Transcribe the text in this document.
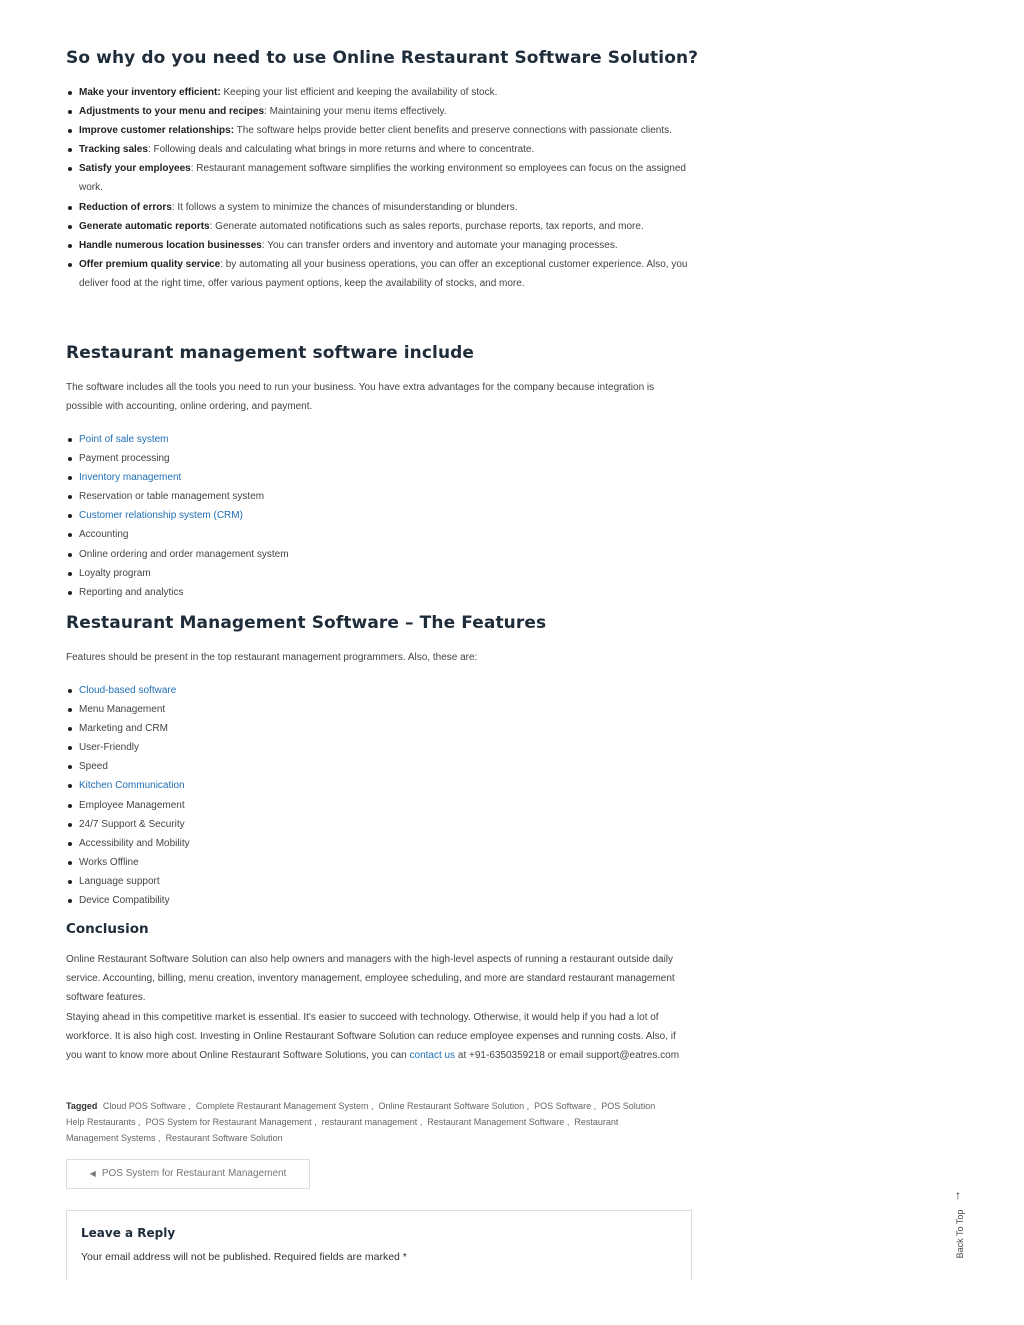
So why do you need to use Online Restaurant Software Solution?
Make your inventory efficient: Keeping your list efficient and keeping the availability of stock.
Adjustments to your menu and recipes: Maintaining your menu items effectively.
Improve customer relationships: The software helps provide better client benefits and preserve connections with passionate clients.
Tracking sales: Following deals and calculating what brings in more returns and where to concentrate.
Satisfy your employees: Restaurant management software simplifies the working environment so employees can focus on the assigned work.
Reduction of errors: It follows a system to minimize the chances of misunderstanding or blunders.
Generate automatic reports: Generate automated notifications such as sales reports, purchase reports, tax reports, and more.
Handle numerous location businesses: You can transfer orders and inventory and automate your managing processes.
Offer premium quality service: by automating all your business operations, you can offer an exceptional customer experience. Also, you deliver food at the right time, offer various payment options, keep the availability of stocks, and more.
Restaurant management software include

The software includes all the tools you need to run your business. You have extra advantages for the company because integration is possible with accounting, online ordering, and payment.

Point of sale system
Payment processing
Inventory management
Reservation or table management system
Customer relationship system (CRM)
Accounting
Online ordering and order management system
Loyalty program
Reporting and analytics
Restaurant Management Software – The Features

Features should be present in the top restaurant management programmers. Also, these are:

Cloud-based software
Menu Management
Marketing and CRM
User-Friendly
Speed
Kitchen Communication
Employee Management
24/7 Support & Security
Accessibility and Mobility
Works Offline
Language support
Device Compatibility
Conclusion

Online Restaurant Software Solution can also help owners and managers with the high-level aspects of running a restaurant outside daily service. Accounting, billing, menu creation, inventory management, employee scheduling, and more are standard restaurant management software features.

Staying ahead in this competitive market is essential. It's easier to succeed with technology. Otherwise, it would help if you had a lot of workforce. It is also high cost. Investing in Online Restaurant Software Solution can reduce employee expenses and running costs. Also, if you want to know more about Online Restaurant Software Solutions, you can contact us at +91-6350359218 or email support@eatres.com

Tagged Cloud POS Software , Complete Restaurant Management System , Online Restaurant Software Solution , POS Software , POS Solution Help Restaurants , POS System for Restaurant Management , restaurant management , Restaurant Management Software , Restaurant Management Systems , Restaurant Software Solution
◀ POS System for Restaurant Management
Leave a Reply

Your email address will not be published. Required fields are marked *

↑
Back To Top
